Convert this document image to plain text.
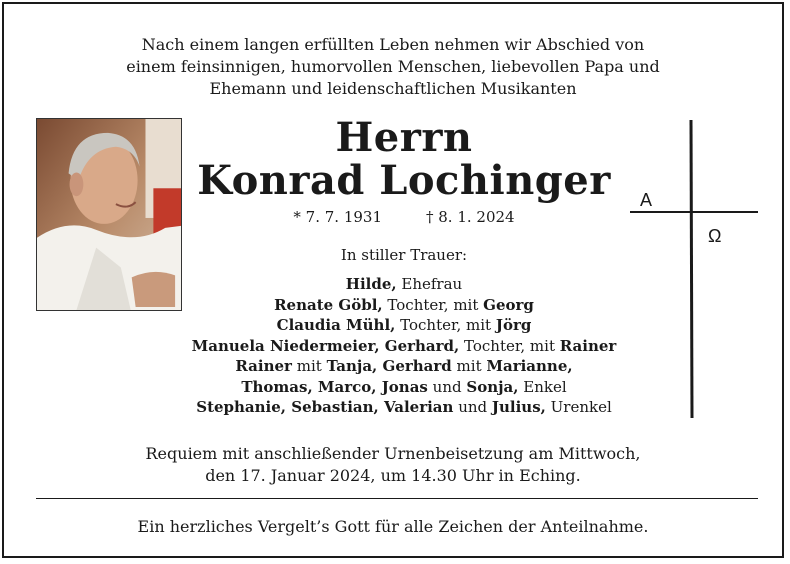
Nach einem langen erfüllten Leben nehmen wir Abschied von
einem feinsinnigen, humorvollen Menschen, liebevollen Papa und
Ehemann und leidenschaftlichen Musikanten
Herrn
Konrad Lochinger
* 7. 7. 1931	† 8. 1. 2024
A
Ω
In stiller Trauer:
Hilde, Ehefrau
Renate Göbl, Tochter, mit Georg
Claudia Mühl, Tochter, mit Jörg
Manuela Niedermeier, Gerhard, Tochter, mit Rainer
Rainer mit Tanja, Gerhard mit Marianne,
Thomas, Marco, Jonas und Sonja, Enkel
Stephanie, Sebastian, Valerian und Julius, Urenkel
Requiem mit anschließender Urnenbeisetzung am Mittwoch,
den 17. Januar 2024, um 14.30 Uhr in Eching.
Ein herzliches Vergelt’s Gott für alle Zeichen der Anteilnahme.
